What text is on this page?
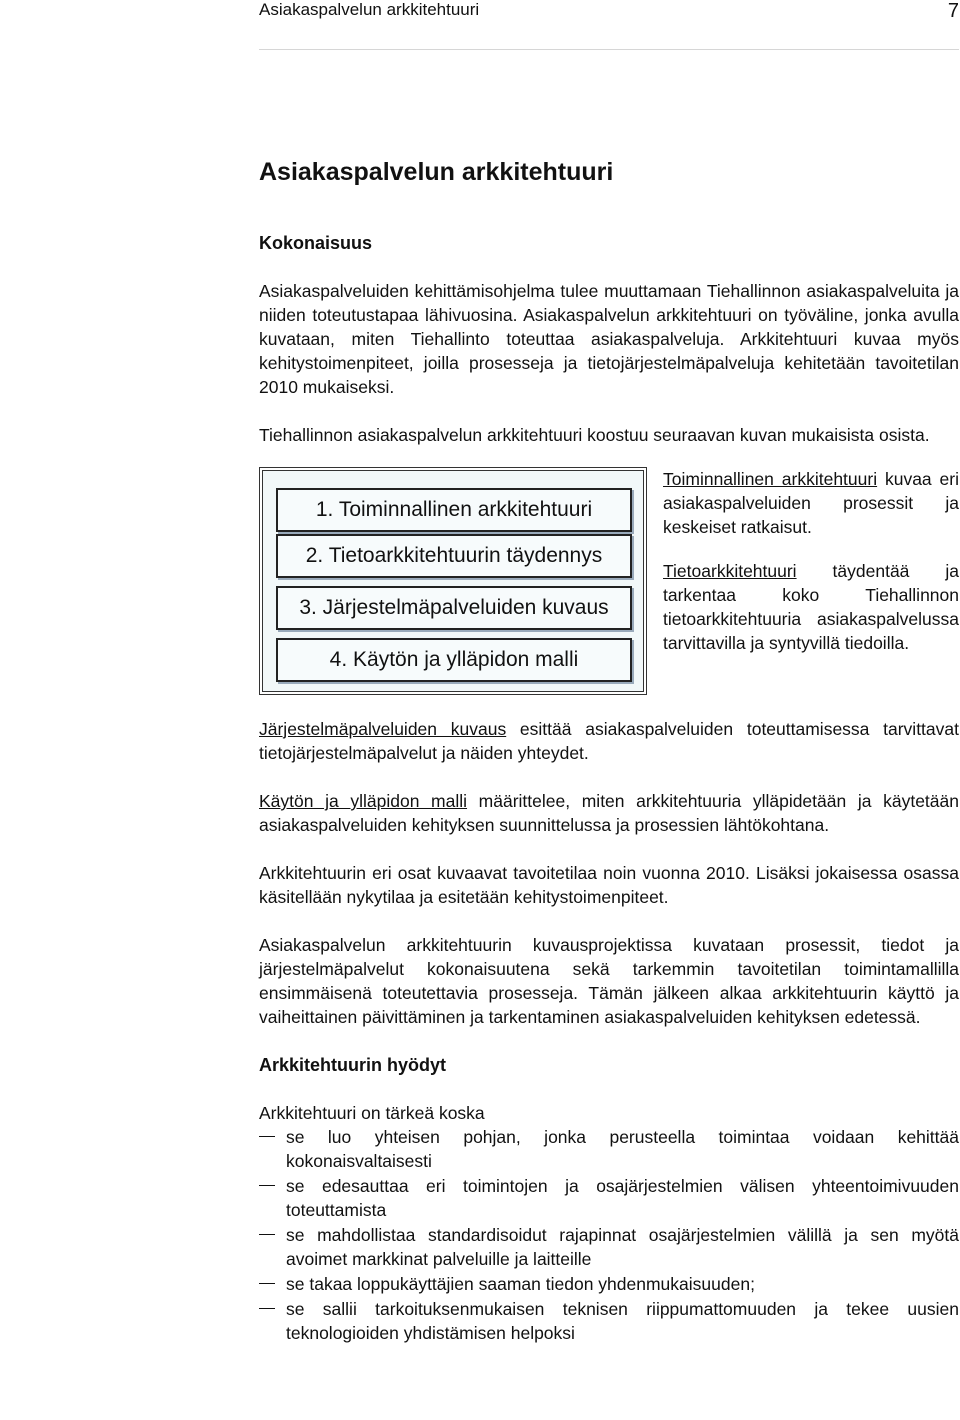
Asiakaspalvelun arkkitehtuuri	7
Asiakaspalvelun arkkitehtuuri
Kokonaisuus

Asiakaspalveluiden kehittämisohjelma tulee muuttamaan Tiehallinnon asiakaspalveluita ja niiden toteutustapaa lähivuosina. Asiakaspalvelun arkkitehtuuri on työväline, jonka avulla kuvataan, miten Tiehallinto toteuttaa asiakaspalveluja. Arkkitehtuuri kuvaa myös kehitystoimenpiteet, joilla prosesseja ja tietojärjestelmäpalveluja kehitetään tavoitetilan 2010 mukaiseksi.

Tiehallinnon asiakaspalvelun arkkitehtuuri koostuu seuraavan kuvan mukaisista osista.

1. Toiminnallinen arkkitehtuuri
2. Tietoarkkitehtuurin täydennys
3. Järjestelmäpalveluiden kuvaus
4. Käytön ja ylläpidon malli

Toiminnallinen arkkitehtuuri kuvaa eri asiakaspalveluiden prosessit ja keskeiset ratkaisut.

Tietoarkkitehtuuri täydentää ja tarkentaa koko Tiehallinnon tietoarkkitehtuuria asiakaspalvelussa tarvittavilla ja syntyvillä tiedoilla.

Järjestelmäpalveluiden kuvaus esittää asiakaspalveluiden toteuttamisessa tarvittavat tietojärjestelmäpalvelut ja näiden yhteydet.

Käytön ja ylläpidon malli määrittelee, miten arkkitehtuuria ylläpidetään ja käytetään asiakaspalveluiden kehityksen suunnittelussa ja prosessien lähtökohtana.

Arkkitehtuurin eri osat kuvaavat tavoitetilaa noin vuonna 2010. Lisäksi jokaisessa osassa käsitellään nykytilaa ja esitetään kehitystoimenpiteet.

Asiakaspalvelun arkkitehtuurin kuvausprojektissa kuvataan prosessit, tiedot ja järjestelmäpalvelut kokonaisuutena sekä tarkemmin tavoitetilan toimintamallilla ensimmäisenä toteutettavia prosesseja. Tämän jälkeen alkaa arkkitehtuurin käyttö ja vaiheittainen päivittäminen ja tarkentaminen asiakaspalveluiden kehityksen edetessä.

Arkkitehtuurin hyödyt

Arkkitehtuuri on tärkeä koska

se luo yhteisen pohjan, jonka perusteella toimintaa voidaan kehittää kokonaisvaltaisesti
se edesauttaa eri toimintojen ja osajärjestelmien välisen yhteentoimivuuden toteuttamista
se mahdollistaa standardisoidut rajapinnat osajärjestelmien välillä ja sen myötä avoimet markkinat palveluille ja laitteille
se takaa loppukäyttäjien saaman tiedon yhdenmukaisuuden;
se sallii tarkoituksenmukaisen teknisen riippumattomuuden ja tekee uusien teknologioiden yhdistämisen helpoksi
